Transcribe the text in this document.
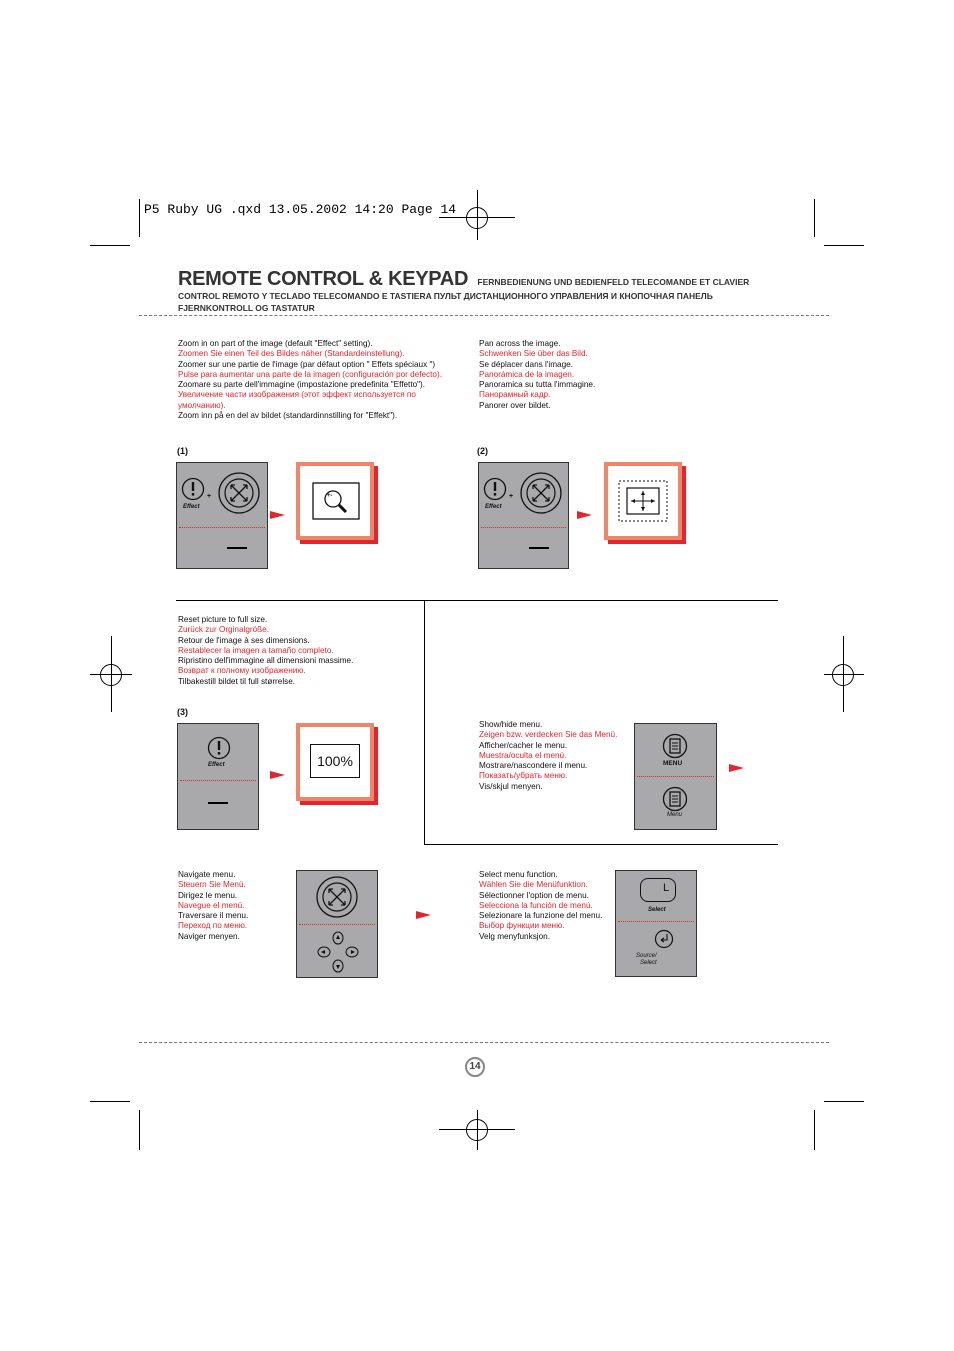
P5 Ruby UG .qxd 13.05.2002 14:20 Page 14
REMOTE CONTROL & KEYPAD FERNBEDIENUNG UND BEDIENFELD TELECOMANDE ET CLAVIER
CONTROL REMOTO Y TECLADO TELECOMANDO E TASTIERA ПУЛЬТ ДИСТАНЦИОННОГО УПРАВЛЕНИЯ И КНОПОЧНАЯ ПАНЕЛЬ
FJERNKONTROLL OG TASTATUR
Zoom in on part of the image (default "Effect" setting).
Zoomen Sie einen Teil des Bildes näher (Standardeinstellung).
Zoomer sur une partie de l'image (par défaut option " Effets spéciaux ")
Pulse para aumentar una parte de la imagen (configuración por defecto).
Zoomare su parte dell'immagine (impostazione predefinita "Effetto").
Увеличение части изображения (этот эффект используется по
умолчанию).
Zoom inn på en del av bildet (standardinnstilling for "Effekt").
(1)
Effect
+	+-
Pan across the image.
Schwenken Sie über das Bild.
Se déplacer dans l'image.
Panorámica de la imagen.
Panoramica su tutta l'immagine.
Панорамный кадр.
Panorer over bildet.
(2)
Effect
+
Reset picture to full size.
Zurück zur Orginalgröße.
Retour de l'image à ses dimensions.
Restablecer la imagen a tamaño completo.
Ripristino dell'immagine all dimensioni massime.
Возврат к полному изображению.
Tilbakestill bildet til full størrelse.
(3)
Effect	100%
Show/hide menu.
Zeigen bzw. verdecken Sie das Menü.
Afficher/cacher le menu.
Muestra/oculta el menú.
Mostrare/nascondere il menu.
Показать/убрать меню.
Vis/skjul menyen.
MENU
Menu
Navigate menu.
Steuern Sie Menü.
Dirigez le menu.
Navegue el menú.
Traversare il menu.
Переход по меню.
Naviger menyen.
Select menu function.
Wählen Sie die Menüfunktion.
Sélectionner l'option de menu.
Selecciona la función de menú.
Selezionare la funzione del menu.
Выбор функции меню.
Velg menyfunksjon.
L
Select
Source/
Select
14
